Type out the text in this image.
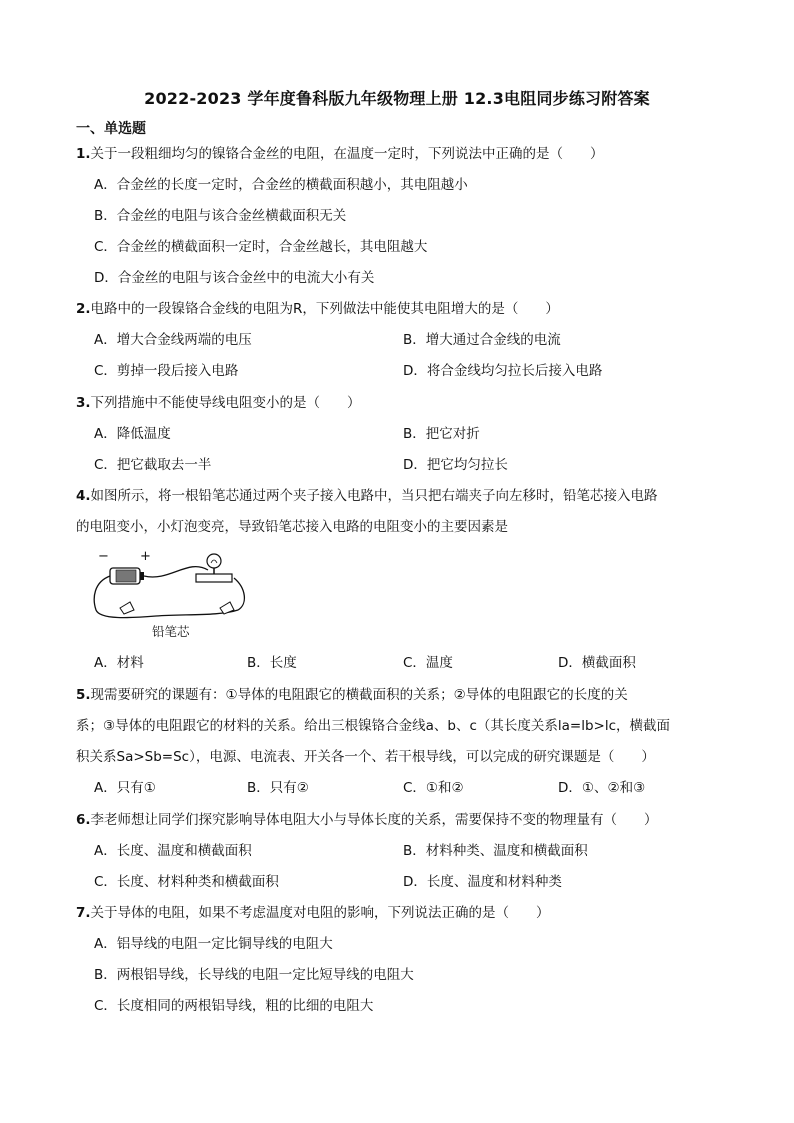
2022-2023 学年度鲁科版九年级物理上册 12.3电阻同步练习附答案
一、单选题
1.关于一段粗细均匀的镍铬合金丝的电阻，在温度一定时，下列说法中正确的是（　　）
A．合金丝的长度一定时，合金丝的横截面积越小，其电阻越小
B．合金丝的电阻与该合金丝横截面积无关
C．合金丝的横截面积一定时，合金丝越长，其电阻越大
D．合金丝的电阻与该合金丝中的电流大小有关
2.电路中的一段镍铬合金线的电阻为R，下列做法中能使其电阻增大的是（　　）
A．增大合金线两端的电压	B．增大通过合金线的电流
C．剪掉一段后接入电路	D．将合金线均匀拉长后接入电路
3.下列措施中不能使导线电阻变小的是（　　）
A．降低温度	B．把它对折
C．把它截取去一半	D．把它均匀拉长
4.如图所示，将一根铅笔芯通过两个夹子接入电路中，当只把右端夹子向左移时，铅笔芯接入电路
的电阻变小，小灯泡变亮，导致铅笔芯接入电路的电阻变小的主要因素是
− +
铅笔芯
A．材料	B．长度	C．温度	D．横截面积
5.现需要研究的课题有：①导体的电阻跟它的横截面积的关系；②导体的电阻跟它的长度的关
系；③导体的电阻跟它的材料的关系。给出三根镍铬合金线a、b、c（其长度关系la=lb>lc，横截面
积关系Sa>Sb=Sc），电源、电流表、开关各一个、若干根导线，可以完成的研究课题是（　　）
A．只有①	B．只有②	C．①和②	D．①、②和③
6.李老师想让同学们探究影响导体电阻大小与导体长度的关系，需要保持不变的物理量有（　　）
A．长度、温度和横截面积	B．材料种类、温度和横截面积
C．长度、材料种类和横截面积	D．长度、温度和材料种类
7.关于导体的电阻，如果不考虑温度对电阻的影响，下列说法正确的是（　　）
A．铝导线的电阻一定比铜导线的电阻大
B．两根铝导线，长导线的电阻一定比短导线的电阻大
C．长度相同的两根铝导线，粗的比细的电阻大
